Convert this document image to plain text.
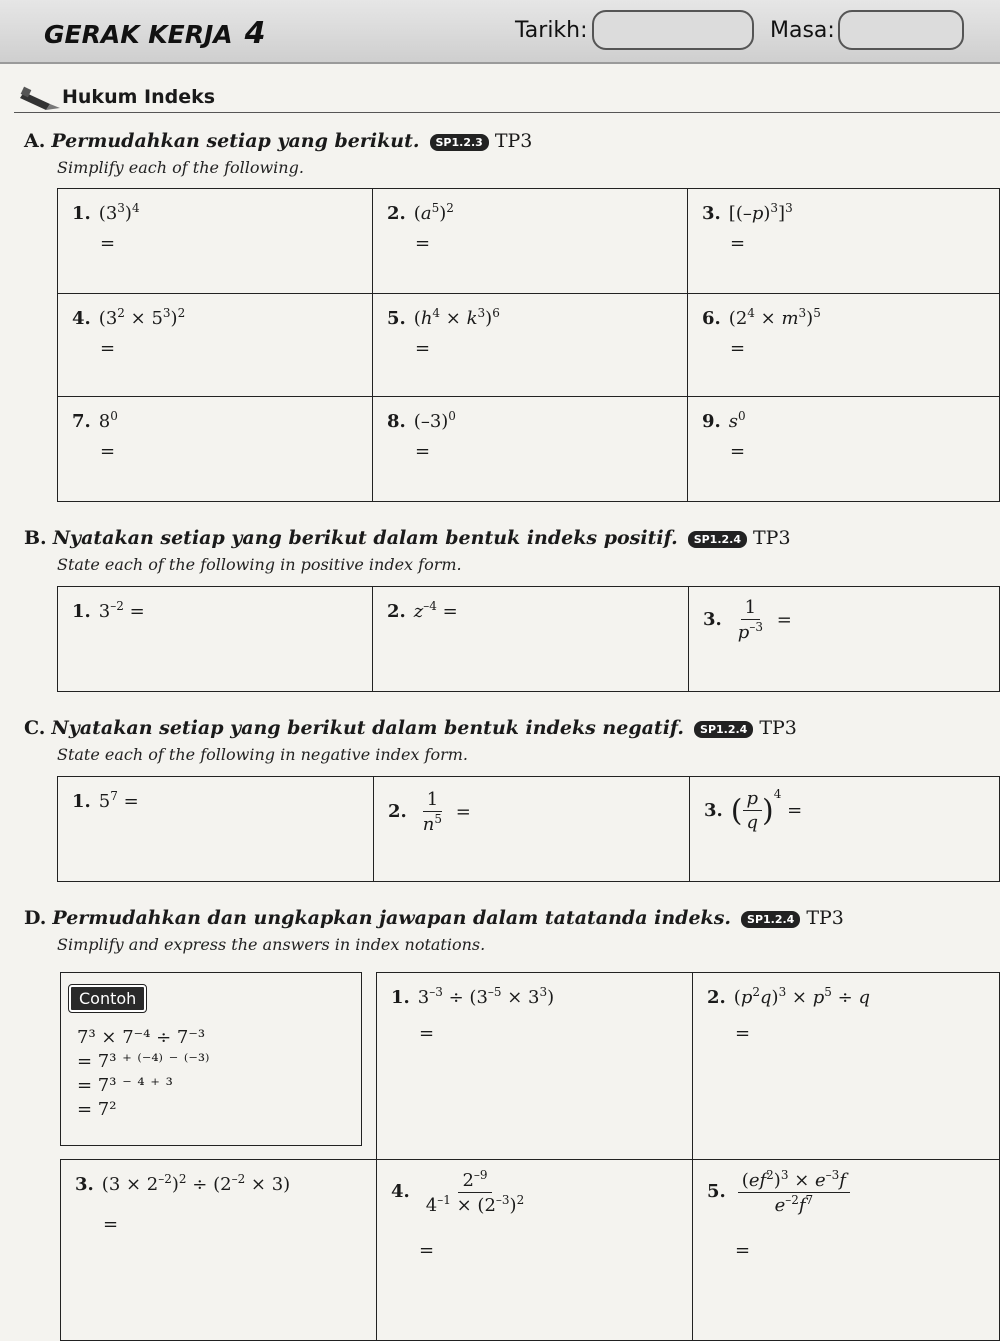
GERAK KERJA 4	Tarikh:	Masa:
Hukum Indeks
A. Permudahkan setiap yang berikut. SP1.2.3 TP3
Simplify each of the following.
1. $(3^3)^4$
=
2. $(a^5)^2$
=
3. $[(-p)^3]^3$
=
4. $(3^2 \times 5^3)^2$
=
5. $(h^4 \times k^3)^6$
=
6. $(2^4 \times m^3)^5$
=
7. $8^0$
=
8. $(-3)^0$
=
9. $s^0$
=
B. Nyatakan setiap yang berikut dalam bentuk indeks positif. SP1.2.4 TP3
State each of the following in positive index form.
1. $3^{-2}$ =	2. $z^{-4}$ =	3. $\frac{1}{p^{-3}}$ =
C. Nyatakan setiap yang berikut dalam bentuk indeks negatif. SP1.2.4 TP3
State each of the following in negative index form.
1. $5^7$ =	2. $\frac{1}{n^5}$ =	3. ( $\frac{p}{q} )^4$ =
D. Permudahkan dan ungkapkan jawapan dalam tatatanda indeks. SP1.2.4 TP3
Simplify and express the answers in index notations.
Contoh
7³ × 7⁻⁴ ÷ 7⁻³
= 7³ ⁺ ⁽⁻⁴⁾ ⁻ ⁽⁻³⁾
= 7³ ⁻ ⁴ ⁺ ³
= 7²
1. $3^{-3} \div (3^{-5} \times 3^3)$
=
2. $(p^2q)^3 \times p^5 \div q$
=
3. $(3 \times 2^{-2})^2 \div (2^{-2} \times 3)$
=
4. $\frac{2^{-9}}{4^{-1} \times (2^{-3})^2}$
=
5. $\frac{(ef^2)^3 \times e^{-3}f}{e^{-2}f^7}$
=
